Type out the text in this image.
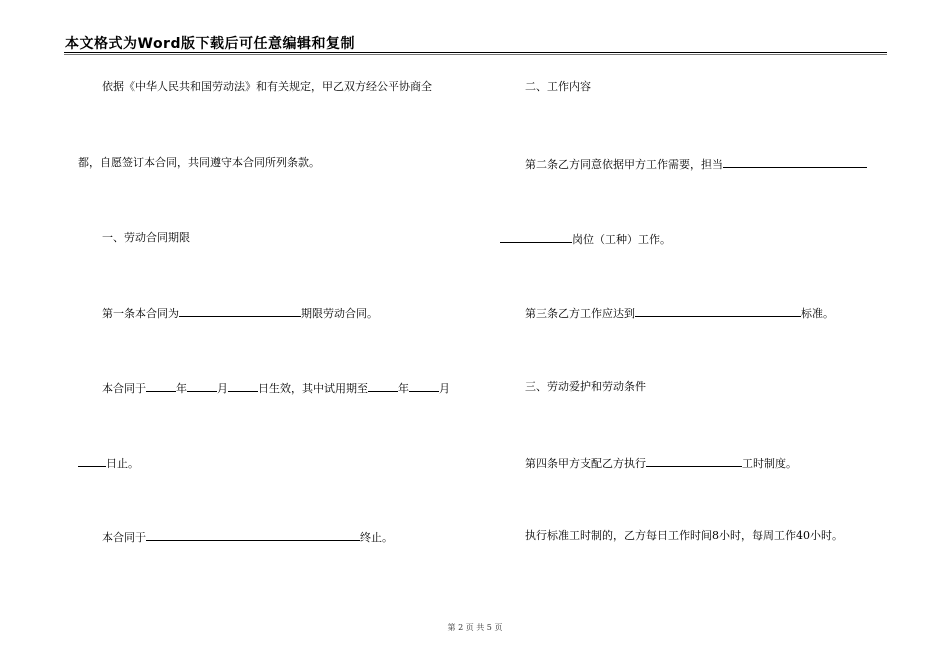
本文格式为Word版下载后可任意编辑和复制
依据《中华人民共和国劳动法》和有关规定，甲乙双方经公平协商全
都，自愿签订本合同，共同遵守本合同所列条款。
一、劳动合同期限
第一条本合同为	期限劳动合同。
本合同于	年	月	日生效，其中试用期至	年	月
日止。
本合同于	终止。
二、工作内容
第二条乙方同意依据甲方工作需要，担当
岗位（工种）工作。
第三条乙方工作应达到	标准。
三、劳动爱护和劳动条件
第四条甲方支配乙方执行	工时制度。
执行标准工时制的，乙方每日工作时间8小时，每周工作40小时。
第 2 页 共 5 页
